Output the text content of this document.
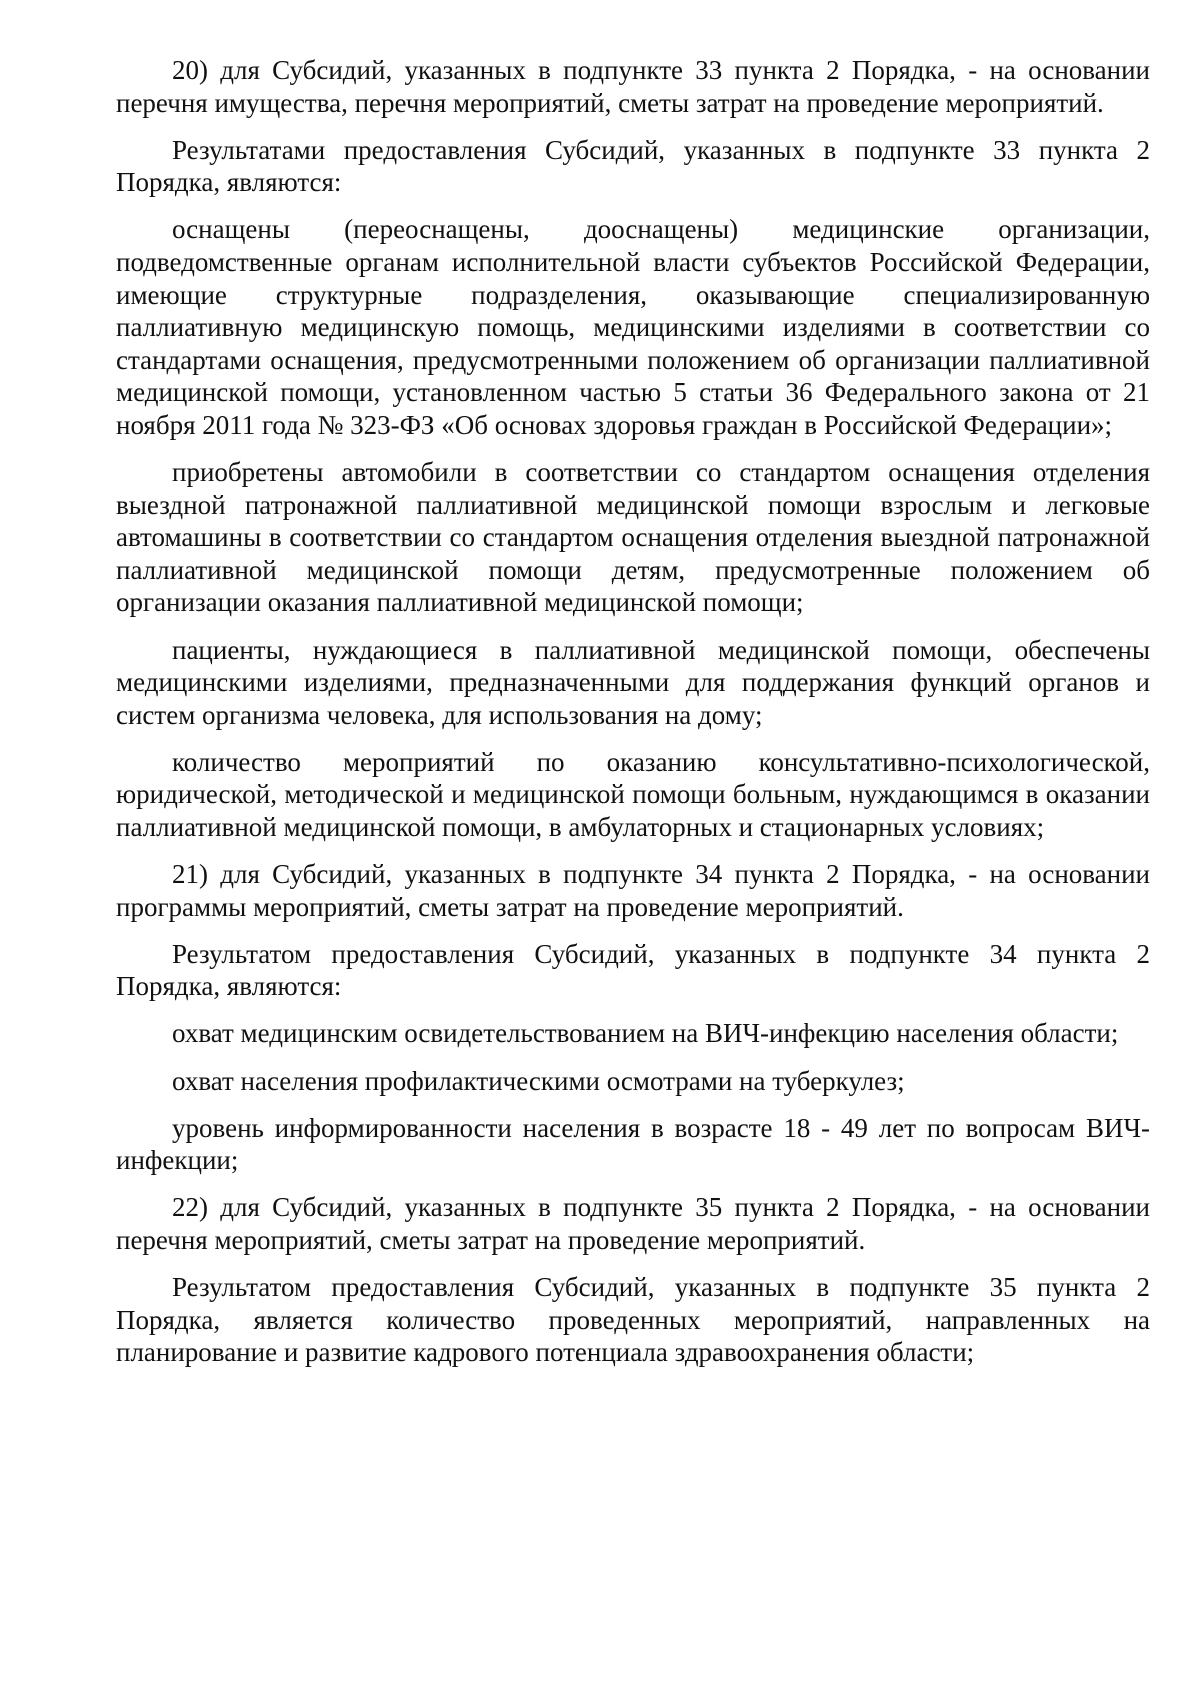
20) для Субсидий, указанных в подпункте 33 пункта 2 Порядка, - на основании перечня имущества, перечня мероприятий, сметы затрат на проведение мероприятий.

Результатами предоставления Субсидий, указанных в подпункте 33 пункта 2 Порядка, являются:

оснащены (переоснащены, дооснащены) медицинские организации, подведомственные органам исполнительной власти субъектов Российской Федерации, имеющие структурные подразделения, оказывающие специализированную паллиативную медицинскую помощь, медицинскими изделиями в соответствии со стандартами оснащения, предусмотренными положением об организации паллиативной медицинской помощи, установленном частью 5 статьи 36 Федерального закона от 21 ноября 2011 года № 323-ФЗ «Об основах здоровья граждан в Российской Федерации»;

приобретены автомобили в соответствии со стандартом оснащения отделения выездной патронажной паллиативной медицинской помощи взрослым и легковые автомашины в соответствии со стандартом оснащения отделения выездной патронажной паллиативной медицинской помощи детям, предусмотренные положением об организации оказания паллиативной медицинской помощи;

пациенты, нуждающиеся в паллиативной медицинской помощи, обеспечены медицинскими изделиями, предназначенными для поддержания функций органов и систем организма человека, для использования на дому;

количество мероприятий по оказанию консультативно-психологической, юридической, методической и медицинской помощи больным, нуждающимся в оказании паллиативной медицинской помощи, в амбулаторных и стационарных условиях;

21) для Субсидий, указанных в подпункте 34 пункта 2 Порядка, - на основании программы мероприятий, сметы затрат на проведение мероприятий.

Результатом предоставления Субсидий, указанных в подпункте 34 пункта 2 Порядка, являются:

охват медицинским освидетельствованием на ВИЧ-инфекцию населения области;

охват населения профилактическими осмотрами на туберкулез;

уровень информированности населения в возрасте 18 - 49 лет по вопросам ВИЧ-инфекции;

22) для Субсидий, указанных в подпункте 35 пункта 2 Порядка, - на основании перечня мероприятий, сметы затрат на проведение мероприятий.

Результатом предоставления Субсидий, указанных в подпункте 35 пункта 2 Порядка, является количество проведенных мероприятий, направленных на планирование и развитие кадрового потенциала здравоохранения области;
